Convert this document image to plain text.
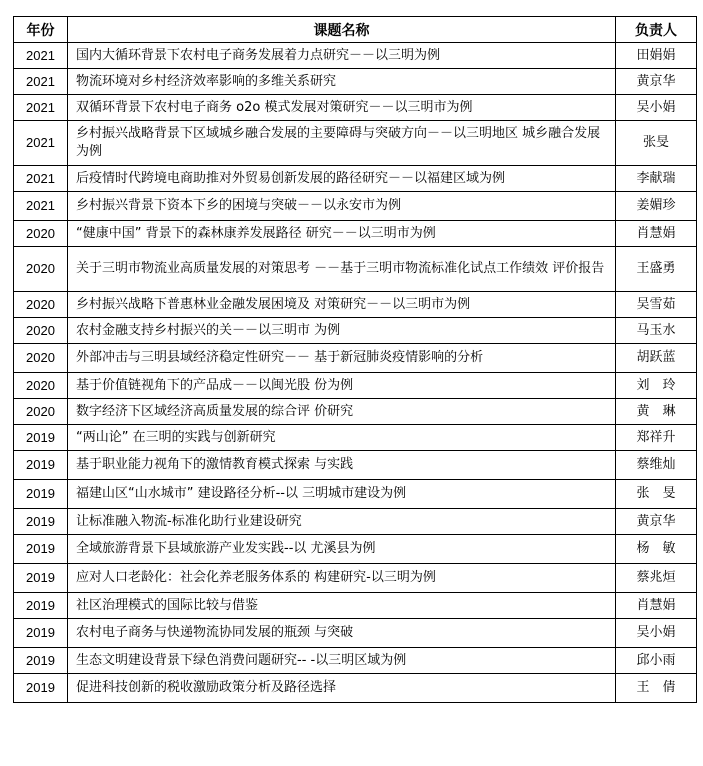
年份	课题名称	负责人
2021	国内大循环背景下农村电子商务发展着力点研究－－以三明为例	田娟娟
2021	物流环境对乡村经济效率影响的多维关系研究	黄京华
2021	双循环背景下农村电子商务 o2o 模式发展对策研究－－以三明市为例	吴小娟
2021	乡村振兴战略背景下区域城乡融合发展的主要障碍与突破方向－－以三明地区 城乡融合发展为例	张旻
2021	后疫情时代跨境电商助推对外贸易创新发展的路径研究－－以福建区域为例	李献瑞
2021	乡村振兴背景下资本下乡的困境与突破－－以永安市为例	姜媚珍
2020	“健康中国” 背景下的森林康养发展路径 研究－－以三明市为例	肖慧娟
2020	关于三明市物流业高质量发展的对策思考 －－基于三明市物流标准化试点工作绩效 评价报告	王盛勇
2020	乡村振兴战略下普惠林业金融发展困境及 对策研究－－以三明市为例	吴雪茹
2020	农村金融支持乡村振兴的关－－以三明市 为例	马玉水
2020	外部冲击与三明县域经济稳定性研究－－ 基于新冠肺炎疫情影响的分析	胡跃蓝
2020	基于价值链视角下的产品成－－以闽光股 份为例	刘　玲
2020	数字经济下区域经济高质量发展的综合评 价研究	黄　琳
2019	“两山论” 在三明的实践与创新研究	郑祥升
2019	基于职业能力视角下的激情教育模式探索 与实践	蔡维灿
2019	福建山区“山水城市” 建设路径分析--以 三明城市建设为例	张　旻
2019	让标准融入物流-标准化助行业建设研究	黄京华
2019	全域旅游背景下县域旅游产业发实践--以 尤溪县为例	杨　敏
2019	应对人口老龄化：社会化养老服务体系的 构建研究-以三明为例	蔡兆烜
2019	社区治理模式的国际比较与借鉴	肖慧娟
2019	农村电子商务与快递物流协同发展的瓶颈 与突破	吴小娟
2019	生态文明建设背景下绿色消费问题研究-- -以三明区域为例	邱小雨
2019	促进科技创新的税收激励政策分析及路径选择	王　倩
